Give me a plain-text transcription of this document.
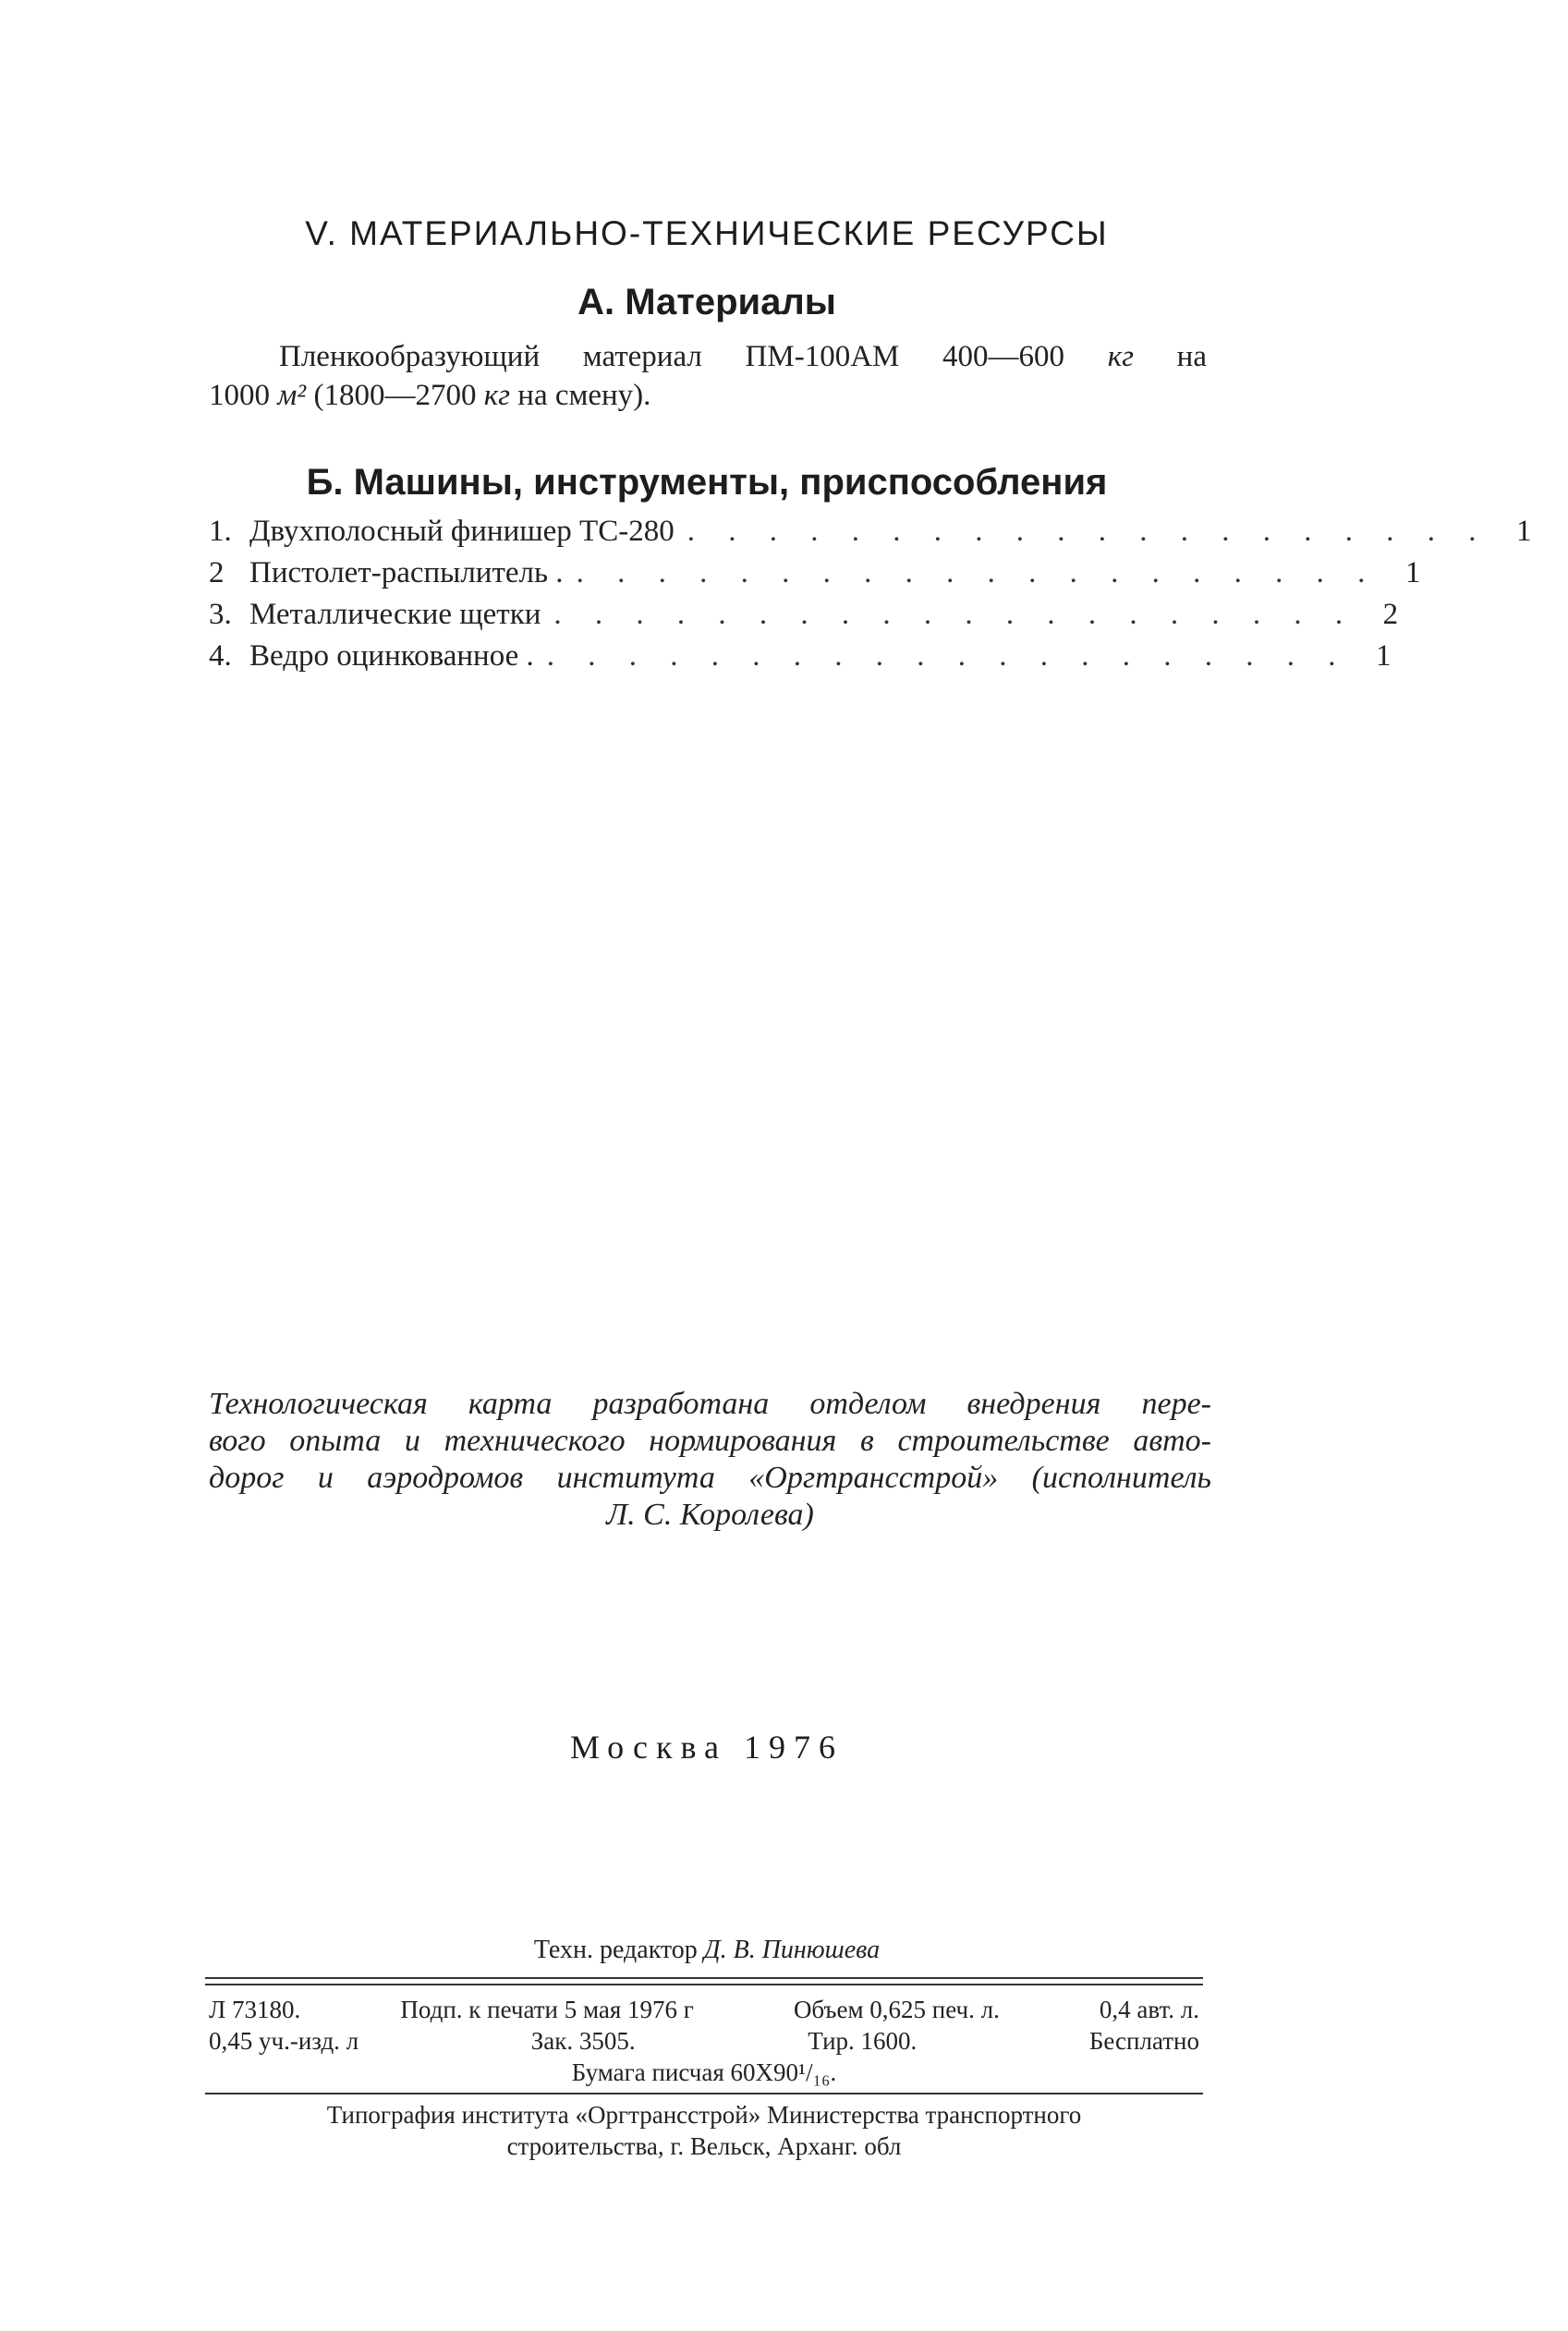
V. МАТЕРИАЛЬНО-ТЕХНИЧЕСКИЕ РЕСУРСЫ
А. Материалы
Пленкообразующий материал ПМ-100АМ 400—600 кг на
1000 м² (1800—2700 кг на смену).
Б. Машины, инструменты, приспособления
1. Двухполосный финишер ТС-280 . . . . . . . . . . . . . . . . . . . . 1
2 Пистолет-распылитель . . . . . . . . . . . . . . . . . . . . . 1
3. Металлические щетки . . . . . . . . . . . . . . . . . . . . 2
4. Ведро оцинкованное . . . . . . . . . . . . . . . . . . . . . 1
Технологическая карта разработана отделом внедрения пере-
вого опыта и технического нормирования в строительстве авто-
дорог и аэродромов института «Оргтрансстрой» (исполнитель
Л. С. Королева)
Москва 1976
Техн. редактор Д. В. Пинюшева
Л 73180.	Подп. к печати 5 мая 1976 г	Объем 0,625 печ. л.	0,4 авт. л.
0,45 уч.-изд. л	Зак. 3505.	Тир. 1600.	Бесплатно
Бумага писчая 60Х90¹/₁₆.
Типография института «Оргтрансстрой» Министерства транспортного
строительства, г. Вельск, Арханг. обл
